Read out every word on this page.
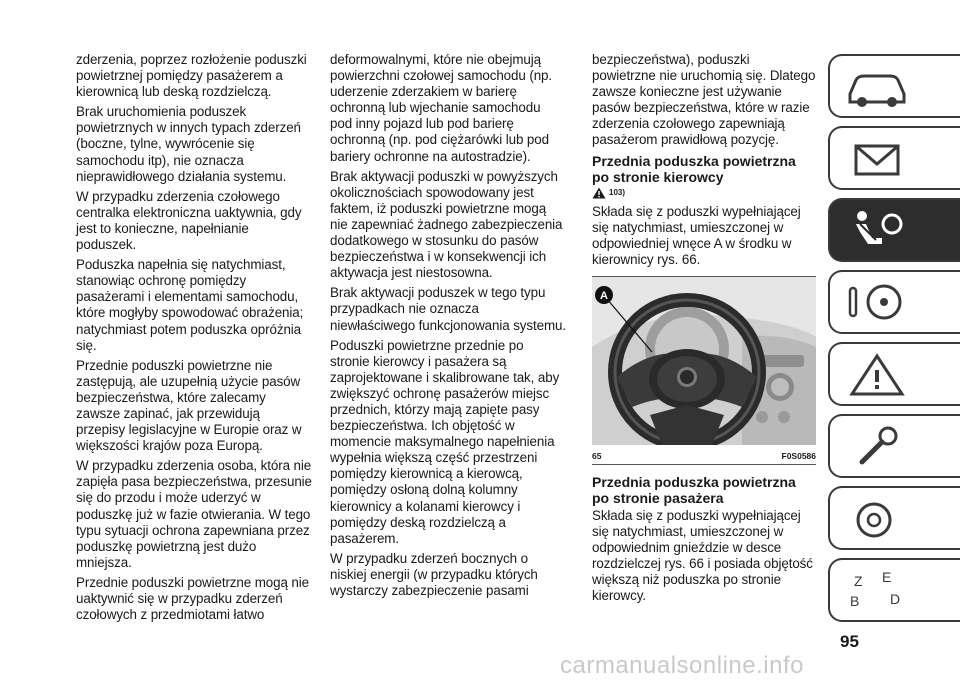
zderzenia, poprzez rozłożenie poduszki powietrznej pomiędzy pasażerem a kierownicą lub deską rozdzielczą.

Brak uruchomienia poduszek powietrznych w innych typach zderzeń (boczne, tylne, wywrócenie się samochodu itp), nie oznacza nieprawidłowego działania systemu.

W przypadku zderzenia czołowego centralka elektroniczna uaktywnia, gdy jest to konieczne, napełnianie poduszek.

Poduszka napełnia się natychmiast, stanowiąc ochronę pomiędzy pasażerami i elementami samochodu, które mogłyby spowodować obrażenia; natychmiast potem poduszka opróżnia się.

Przednie poduszki powietrzne nie zastępują, ale uzupełnią użycie pasów bezpieczeństwa, które zalecamy zawsze zapinać, jak przewidują przepisy legislacyjne w Europie oraz w większości krajów poza Europą.

W przypadku zderzenia osoba, która nie zapięła pasa bezpieczeństwa, przesunie się do przodu i może uderzyć w poduszkę już w fazie otwierania. W tego typu sytuacji ochrona zapewniana przez poduszkę powietrzną jest dużo mniejsza.

Przednie poduszki powietrzne mogą nie uaktywnić się w przypadku zderzeń czołowych z przedmiotami łatwo

deformowalnymi, które nie obejmują powierzchni czołowej samochodu (np. uderzenie zderzakiem w barierę ochronną lub wjechanie samochodu pod inny pojazd lub pod barierę ochronną (np. pod ciężarówki lub pod bariery ochronne na autostradzie).

Brak aktywacji poduszki w powyższych okolicznościach spowodowany jest faktem, iż poduszki powietrzne mogą nie zapewniać żadnego zabezpieczenia dodatkowego w stosunku do pasów bezpieczeństwa i w konsekwencji ich aktywacja jest niestosowna.

Brak aktywacji poduszek w tego typu przypadkach nie oznacza niewłaściwego funkcjonowania systemu.

Poduszki powietrzne przednie po stronie kierowcy i pasażera są zaprojektowane i skalibrowane tak, aby zwiększyć ochronę pasażerów miejsc przednich, którzy mają zapięte pasy bezpieczeństwa. Ich objętość w momencie maksymalnego napełnienia wypełnia większą część przestrzeni pomiędzy kierownicą a kierowcą, pomiędzy osłoną dolną kolumny kierownicy a kolanami kierowcy i pomiędzy deską rozdzielczą a pasażerem.

W przypadku zderzeń bocznych o niskiej energii (w przypadku których wystarczy zabezpieczenie pasami

bezpieczeństwa), poduszki powietrzne nie uruchomią się. Dlatego zawsze konieczne jest używanie pasów bezpieczeństwa, które w razie zderzenia czołowego zapewniają pasażerom prawidłową pozycję.

Przednia poduszka powietrzna po stronie kierowcy
103)

Składa się z poduszki wypełniającej się natychmiast, umieszczonej w odpowiedniej wnęce A w środku w kierownicy rys. 66.

A
65	F0S0586
Przednia poduszka powietrzna po stronie pasażera

Składa się z poduszki wypełniającej się natychmiast, umieszczonej w odpowiednim gnieździe w desce rozdzielczej rys. 66 i posiada objętość większą niż poduszka po stronie kierowcy.

Z E
B D
95
carmanualsonline.info
